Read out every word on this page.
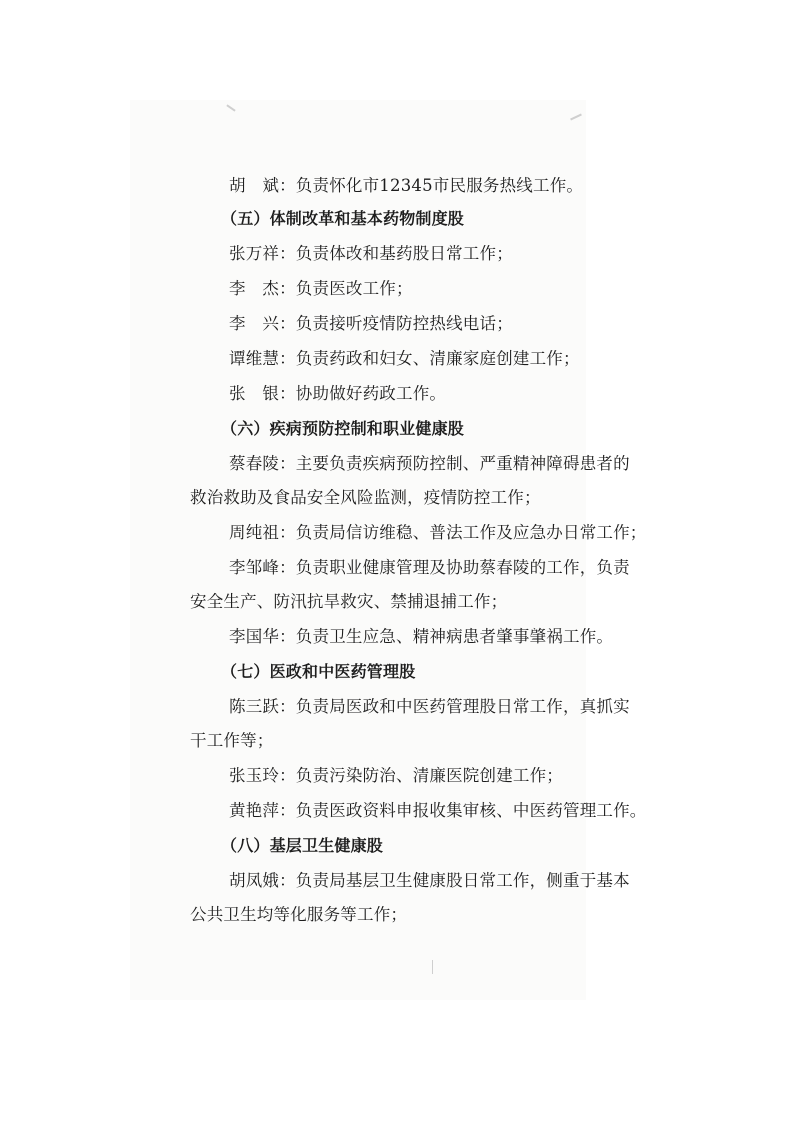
胡　斌：负责怀化市12345市民服务热线工作。
（五）体制改革和基本药物制度股
张万祥：负责体改和基药股日常工作；
李　杰：负责医改工作；
李　兴：负责接听疫情防控热线电话；
谭维慧：负责药政和妇女、清廉家庭创建工作；
张　银：协助做好药政工作。
（六）疾病预防控制和职业健康股
蔡春陵：主要负责疾病预防控制、严重精神障碍患者的
救治救助及食品安全风险监测，疫情防控工作；
周纯祖：负责局信访维稳、普法工作及应急办日常工作；
李邹峰：负责职业健康管理及协助蔡春陵的工作，负责
安全生产、防汛抗旱救灾、禁捕退捕工作；
李国华：负责卫生应急、精神病患者肇事肇祸工作。
（七）医政和中医药管理股
陈三跃：负责局医政和中医药管理股日常工作，真抓实
干工作等；
张玉玲：负责污染防治、清廉医院创建工作；
黄艳萍：负责医政资料申报收集审核、中医药管理工作。
（八）基层卫生健康股
胡凤娥：负责局基层卫生健康股日常工作，侧重于基本
公共卫生均等化服务等工作；
